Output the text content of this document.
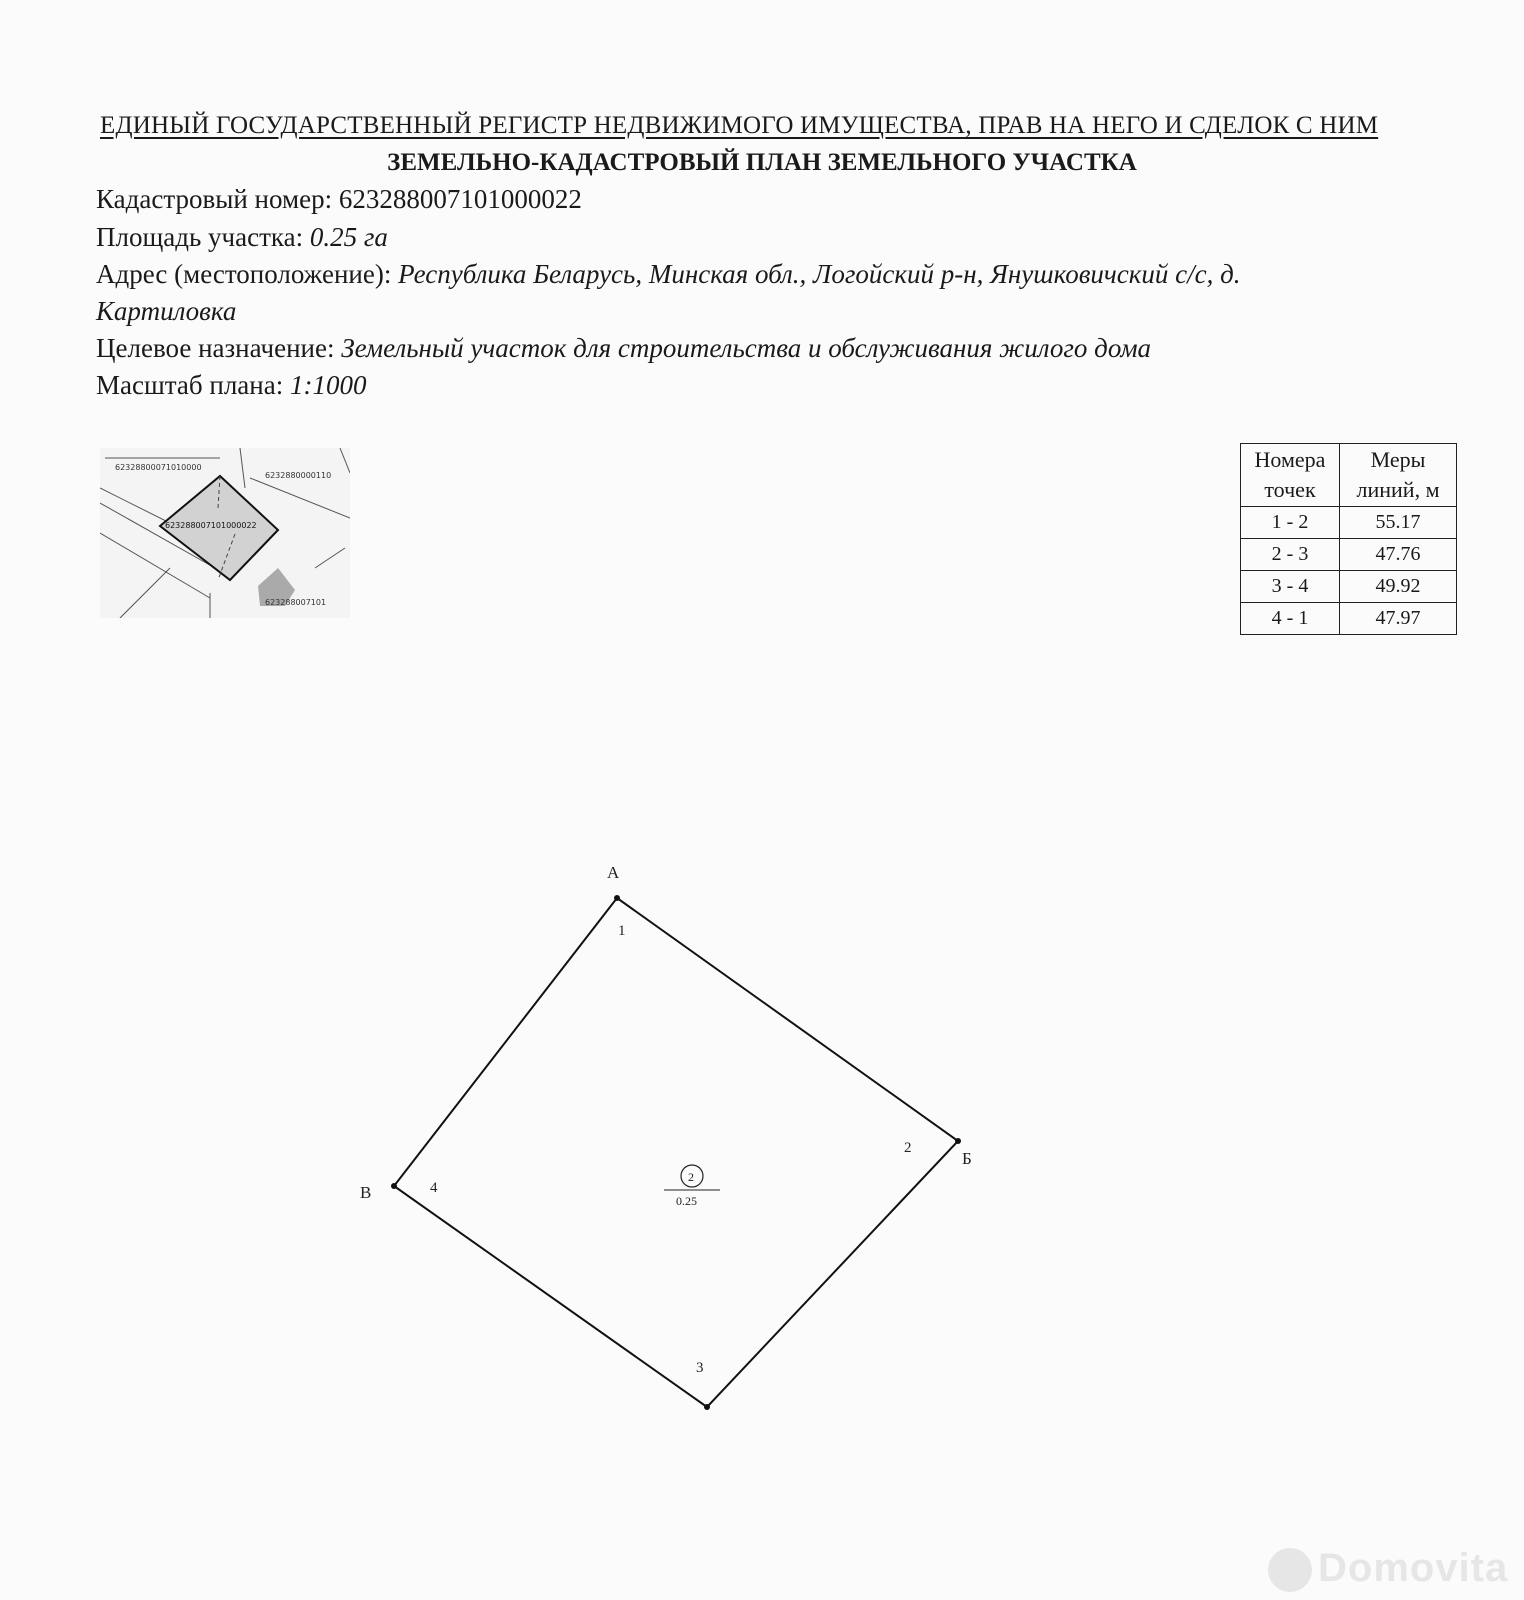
ЕДИНЫЙ ГОСУДАРСТВЕННЫЙ РЕГИСТР НЕДВИЖИМОГО ИМУЩЕСТВА, ПРАВ НА НЕГО И СДЕЛОК С НИМ
ЗЕМЕЛЬНО-КАДАСТРОВЫЙ ПЛАН ЗЕМЕЛЬНОГО УЧАСТКА
Кадастровый номер: 623288007101000022
Площадь участка: 0.25 га
Адрес (местоположение): Республика Беларусь, Минская обл., Логойский р-н, Янушковичский с/с, д.
Картиловка
Целевое назначение: Земельный участок для строительства и обслуживания жилого дома
Масштаб плана: 1:1000
62328800071010000
6232880000110
623288007101000022
623288007101
Номера точек	Меры линий, м
1 - 2	55.17
2 - 3	47.76
3 - 4	49.92
4 - 1	47.97
А
Б
В
1
2
3
4
2
0.25
Domovita
